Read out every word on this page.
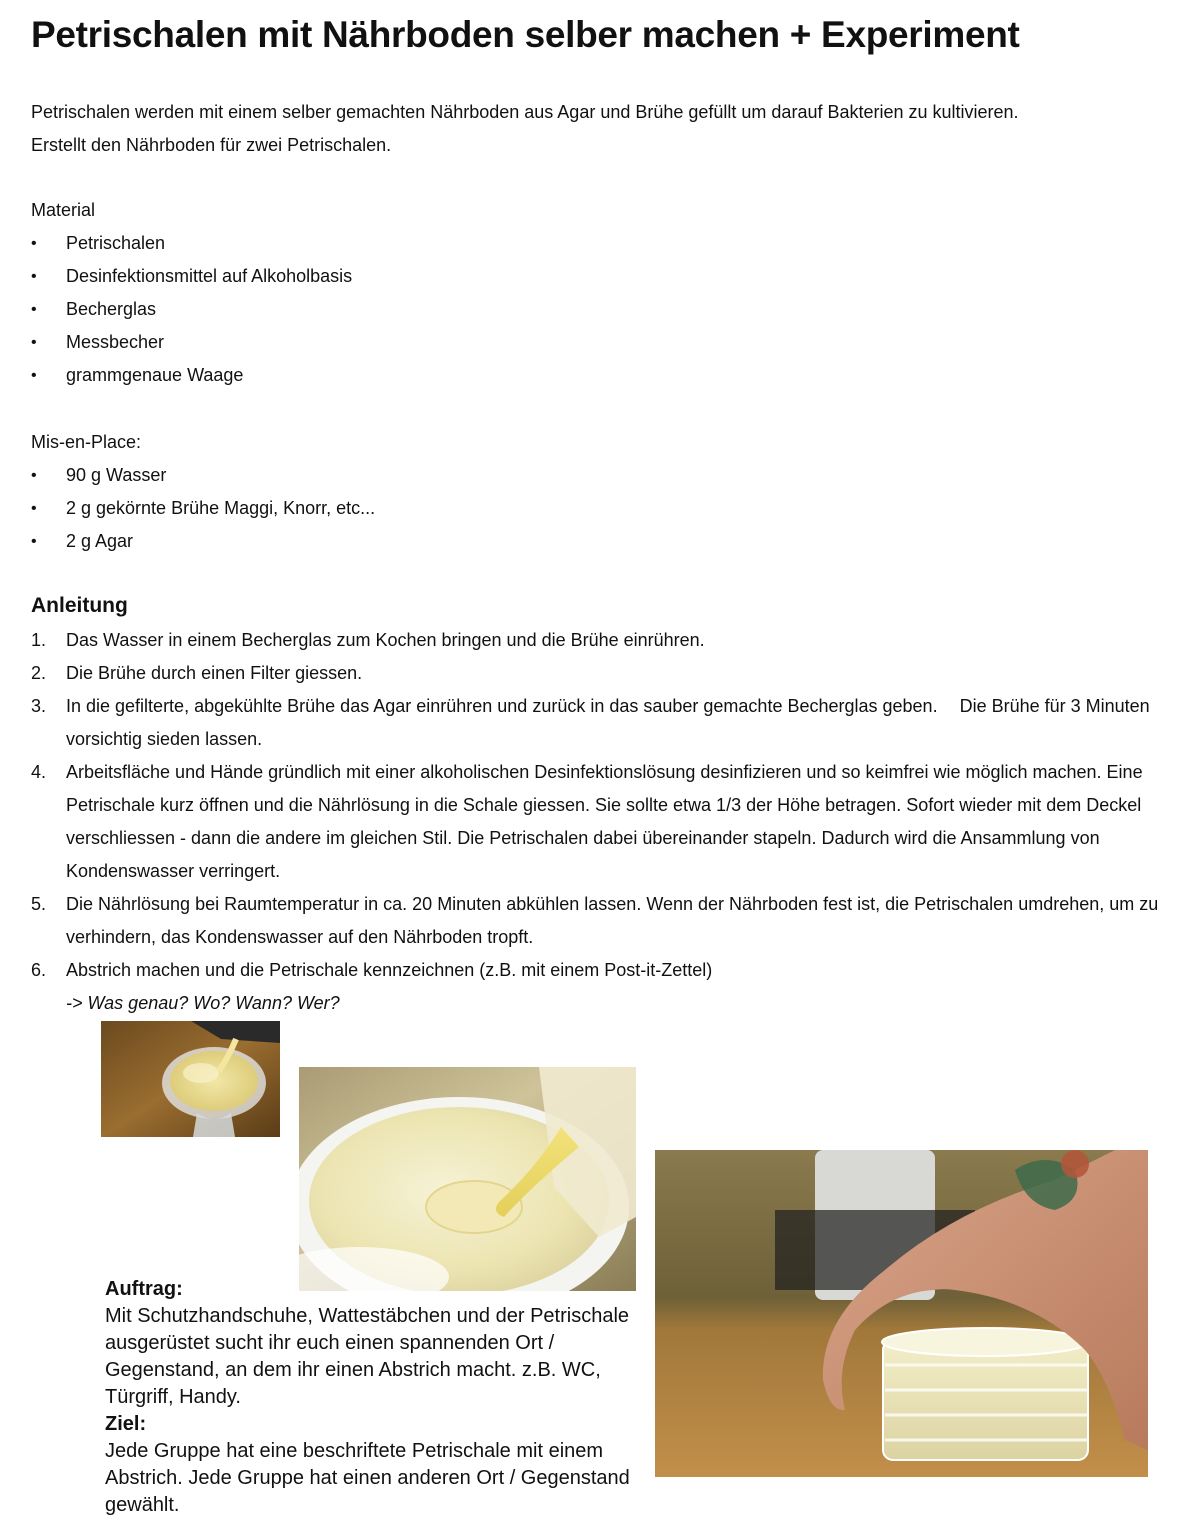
Petrischalen mit Nährboden selber machen + Experiment

Petrischalen werden mit einem selber gemachten Nährboden aus Agar und Brühe gefüllt um darauf Bakterien zu kultivieren.

Erstellt den Nährboden für zwei Petrischalen.

Material
• Petrischalen
• Desinfektionsmittel auf Alkoholbasis
• Becherglas
• Messbecher
• grammgenaue Waage
Mis-en-Place:
• 90 g Wasser
• 2 g gekörnte Brühe Maggi, Knorr, etc...
• 2 g Agar
Anleitung
1. Das Wasser in einem Becherglas zum Kochen bringen und die Brühe einrühren.
2. Die Brühe durch einen Filter giessen.
3. In die gefilterte, abgekühlte Brühe das Agar einrühren und zurück in das sauber gemachte Becherglas geben. Die Brühe für 3 Minuten vorsichtig sieden lassen.
4. Arbeitsfläche und Hände gründlich mit einer alkoholischen Desinfektionslösung desinfizieren und so keimfrei wie möglich machen. Eine Petrischale kurz öffnen und die Nährlösung in die Schale giessen. Sie sollte etwa 1/3 der Höhe betragen. Sofort wieder mit dem Deckel verschliessen - dann die andere im gleichen Stil. Die Petrischalen dabei übereinander stapeln. Dadurch wird die Ansammlung von Kondenswasser verringert.
5. Die Nährlösung bei Raumtemperatur in ca. 20 Minuten abkühlen lassen. Wenn der Nährboden fest ist, die Petrischalen umdrehen, um zu verhindern, das Kondenswasser auf den Nährboden tropft.
6. Abstrich machen und die Petrischale kennzeichnen (z.B. mit einem Post-it-Zettel)
-> Was genau? Wo? Wann? Wer?
Auftrag:
Mit Schutzhandschuhe, Wattestäbchen und der Petrischale ausgerüstet sucht ihr euch einen spannenden Ort / Gegenstand, an dem ihr einen Abstrich macht. z.B. WC, Türgriff, Handy.
Ziel:
Jede Gruppe hat eine beschriftete Petrischale mit einem Abstrich. Jede Gruppe hat einen anderen Ort / Gegenstand gewählt.
